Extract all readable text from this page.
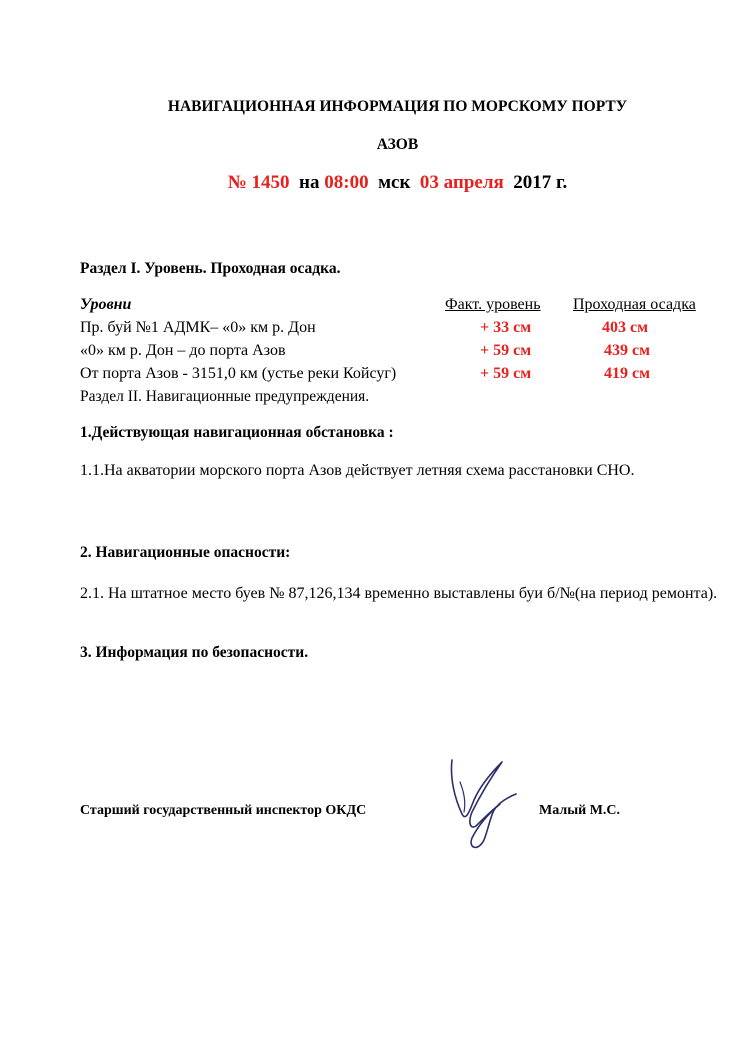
НАВИГАЦИОННАЯ ИНФОРМАЦИЯ ПО МОРСКОМУ ПОРТУ
АЗОВ
№ 1450 на 08:00 мск 03 апреля 2017 г.
Раздел I. Уровень. Проходная осадка.
Уровни	Факт. уровень Проходная осадка
Пр. буй №1 АДМК– «0» км р. Дон	+ 33 см	403 см
«0» км р. Дон – до порта Азов	+ 59 см	439 см
От порта Азов - 3151,0 км (устье реки Койсуг)	+ 59 см	419 см
Раздел II. Навигационные предупреждения.
1.Действующая навигационная обстановка :
1.1.На акватории морского порта Азов действует летняя схема расстановки СНО.
2. Навигационные опасности:
2.1. На штатное место буев № 87,126,134 временно выставлены буи б/№(на период ремонта).
3. Информация по безопасности.
Старший государственный инспектор ОКДС	Малый М.С.
